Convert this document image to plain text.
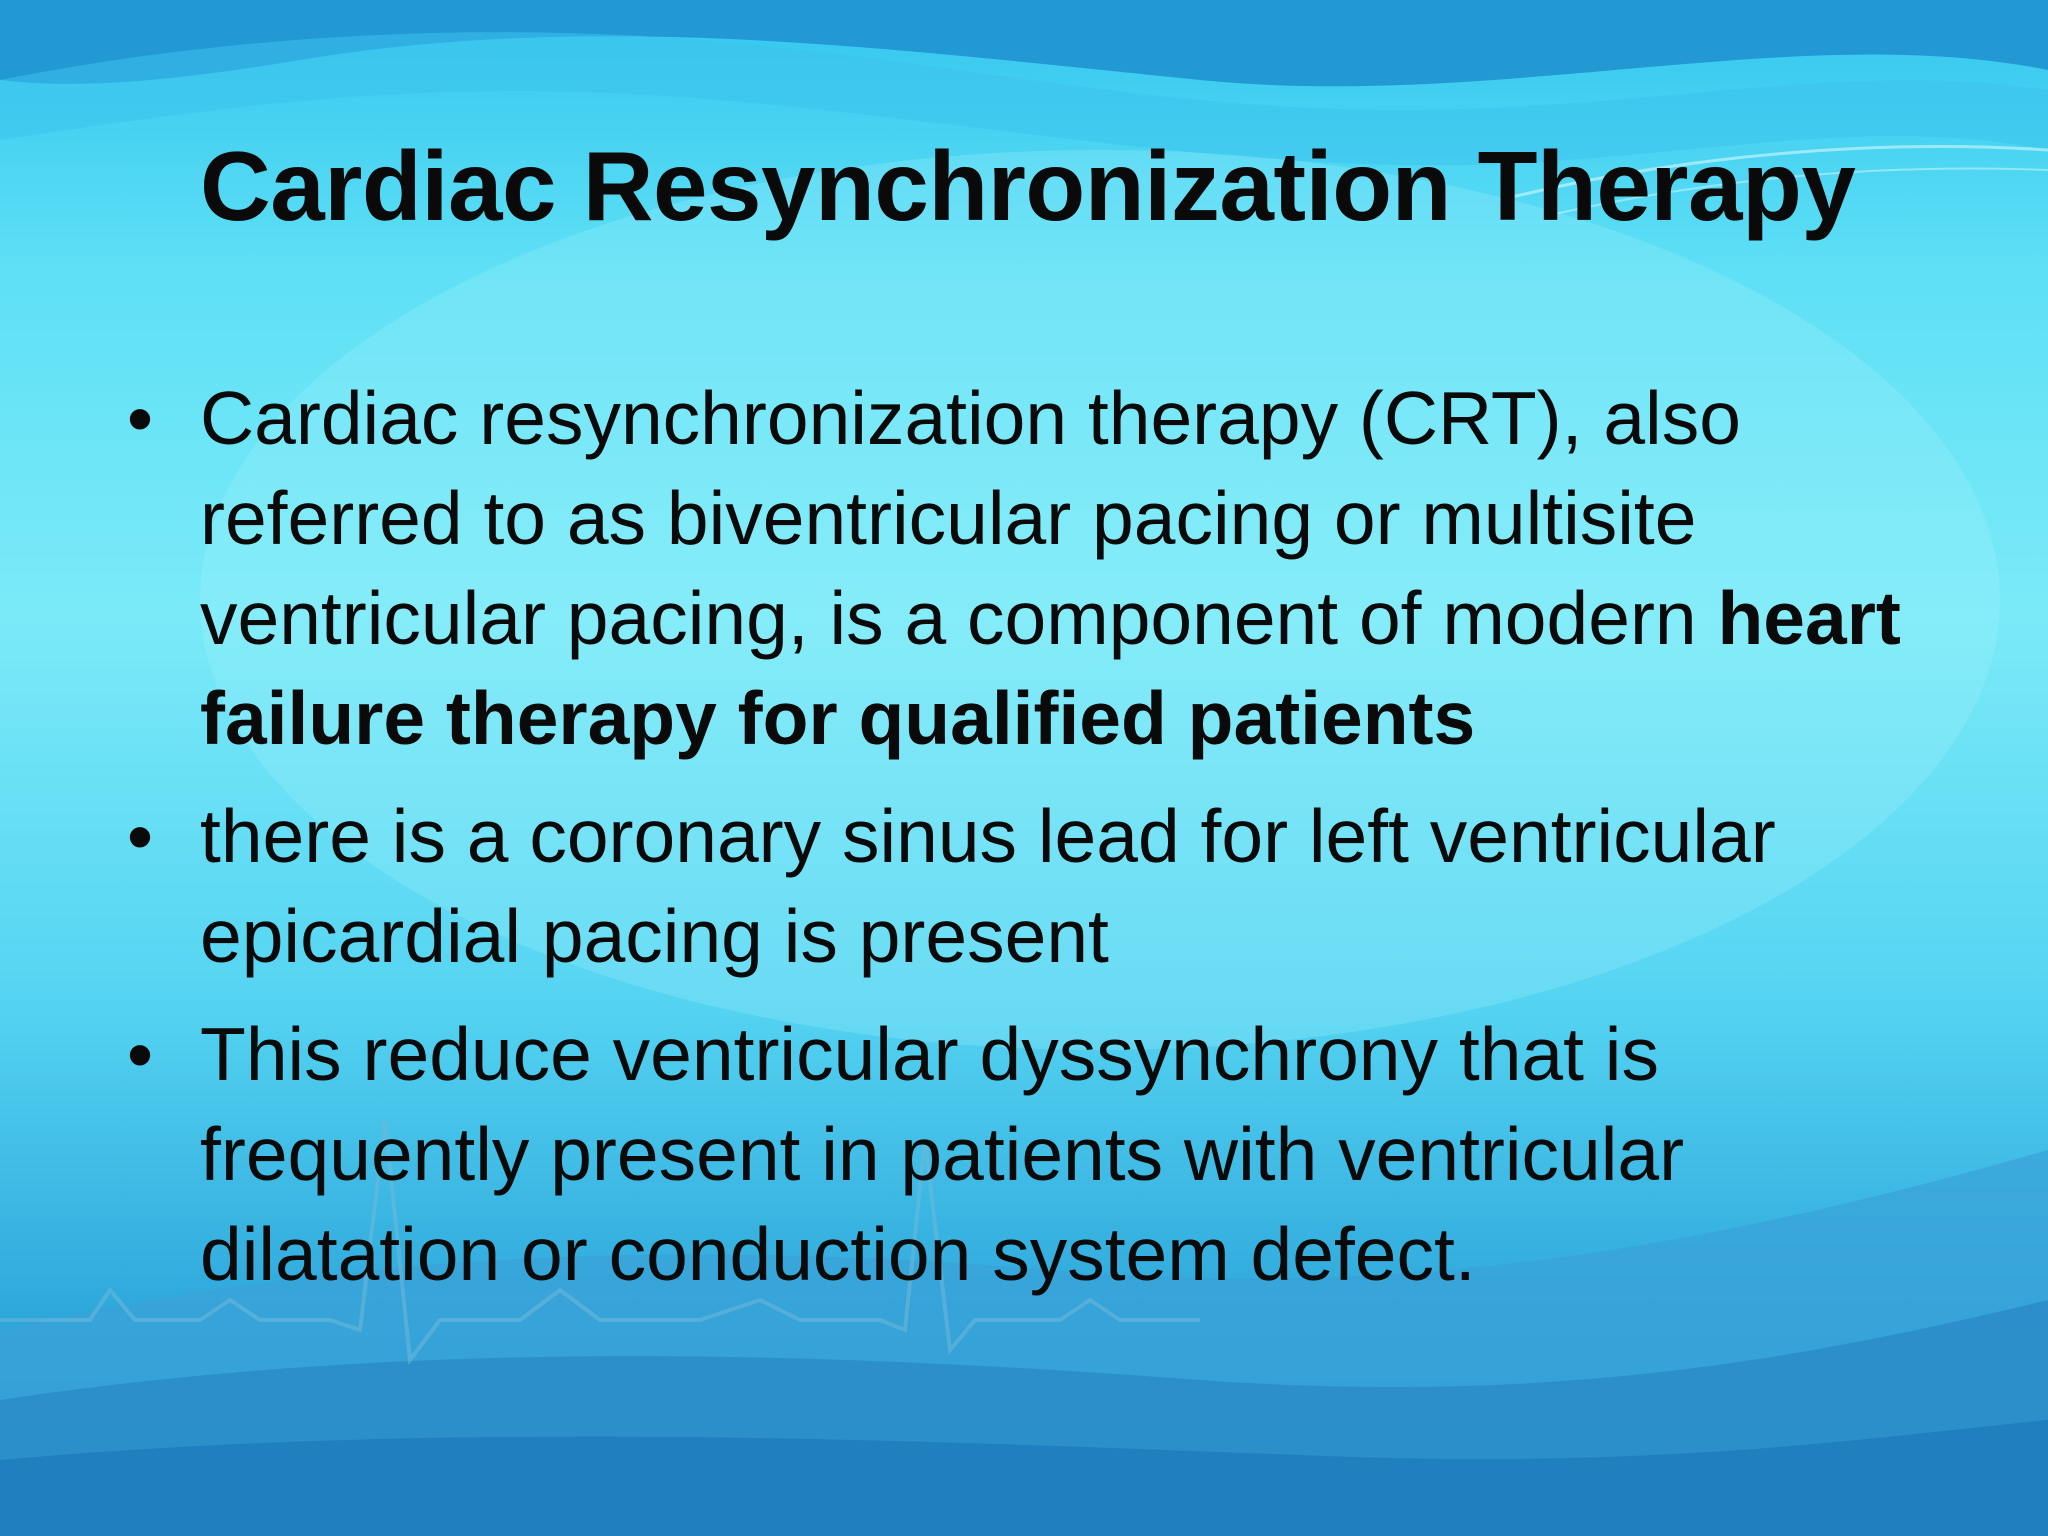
Cardiac Resynchronization Therapy
• Cardiac resynchronization therapy (CRT), also referred to as biventricular pacing or multisite ventricular pacing, is a component of modern heart failure therapy for qualified patients
• there is a coronary sinus lead for left ventricular epicardial pacing is present
• This reduce ventricular dyssynchrony that is frequently present in patients with ventricular dilatation or conduction system defect.
